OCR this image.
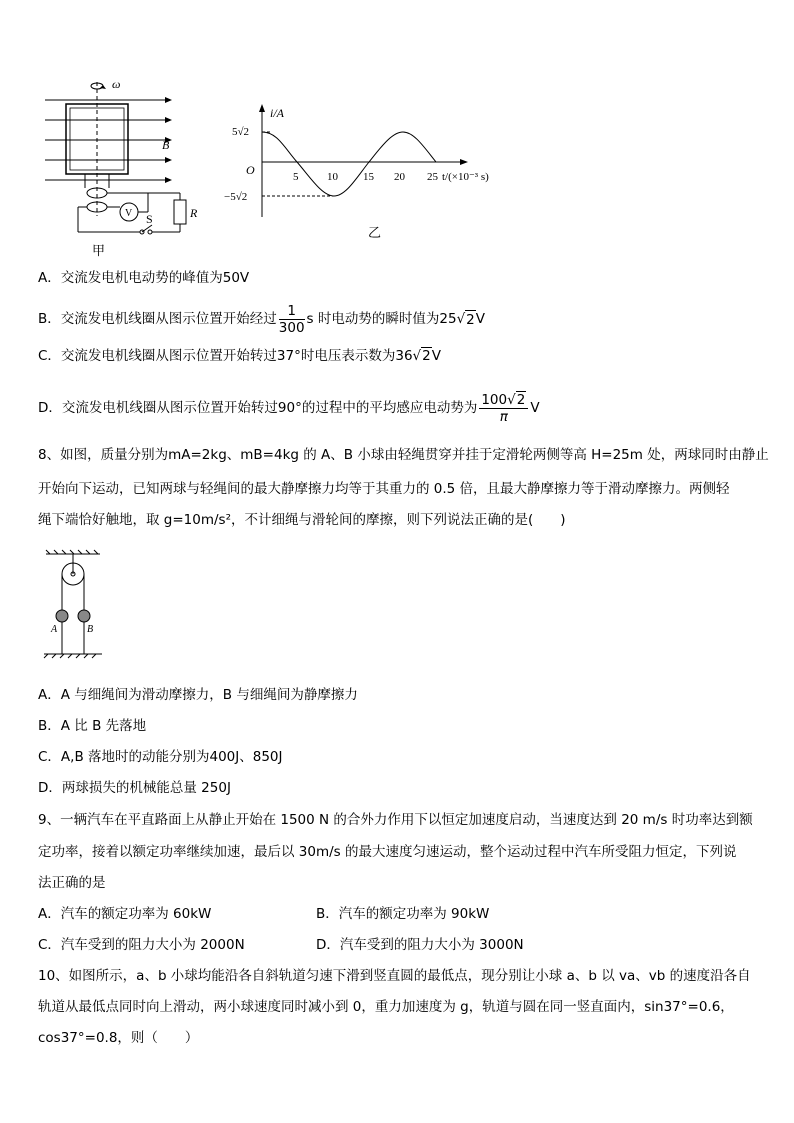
ω
B
V S	R
甲
i/A
5√2
O
−5√2
5	10 15 20 25 t/(×10⁻³ s)
乙
A．交流发电机电动势的峰值为50V
B．交流发电机线圈从图示位置开始经过 $\frac{1}{300}$ s 时电动势的瞬时值为 25 √ 2 V
C．交流发电机线圈从图示位置开始转过37°时电压表示数为36√2V
D．交流发电机线圈从图示位置开始转过90°的过程中的平均感应电动势为 $\frac{100√2}{\pi}$ V
8、如图，质量分别为mA=2kg、mB=4kg 的 A、B 小球由轻绳贯穿并挂于定滑轮两侧等高 H=25m 处，两球同时由静止
开始向下运动，已知两球与轻绳间的最大静摩擦力均等于其重力的 0.5 倍，且最大静摩擦力等于滑动摩擦力。两侧轻
绳下端恰好触地，取 g=10m/s²，不计细绳与滑轮间的摩擦，则下列说法正确的是(　　)
A	B
A．A 与细绳间为滑动摩擦力，B 与细绳间为静摩擦力
B．A 比 B 先落地
C．A,B 落地时的动能分别为400J、850J
D．两球损失的机械能总量 250J
9、一辆汽车在平直路面上从静止开始在 1500 N 的合外力作用下以恒定加速度启动，当速度达到 20 m/s 时功率达到额
定功率，接着以额定功率继续加速，最后以 30m/s 的最大速度匀速运动，整个运动过程中汽车所受阻力恒定，下列说
法正确的是
A．汽车的额定功率为 60kW	B．汽车的额定功率为 90kW
C．汽车受到的阻力大小为 2000N	D．汽车受到的阻力大小为 3000N
10、如图所示，a、b 小球均能沿各自斜轨道匀速下滑到竖直圆的最低点，现分别让小球 a、b 以 va、vb 的速度沿各自
轨道从最低点同时向上滑动，两小球速度同时减小到 0，重力加速度为 g，轨道与圆在同一竖直面内，sin37°=0.6，
cos37°=0.8，则（　　）
